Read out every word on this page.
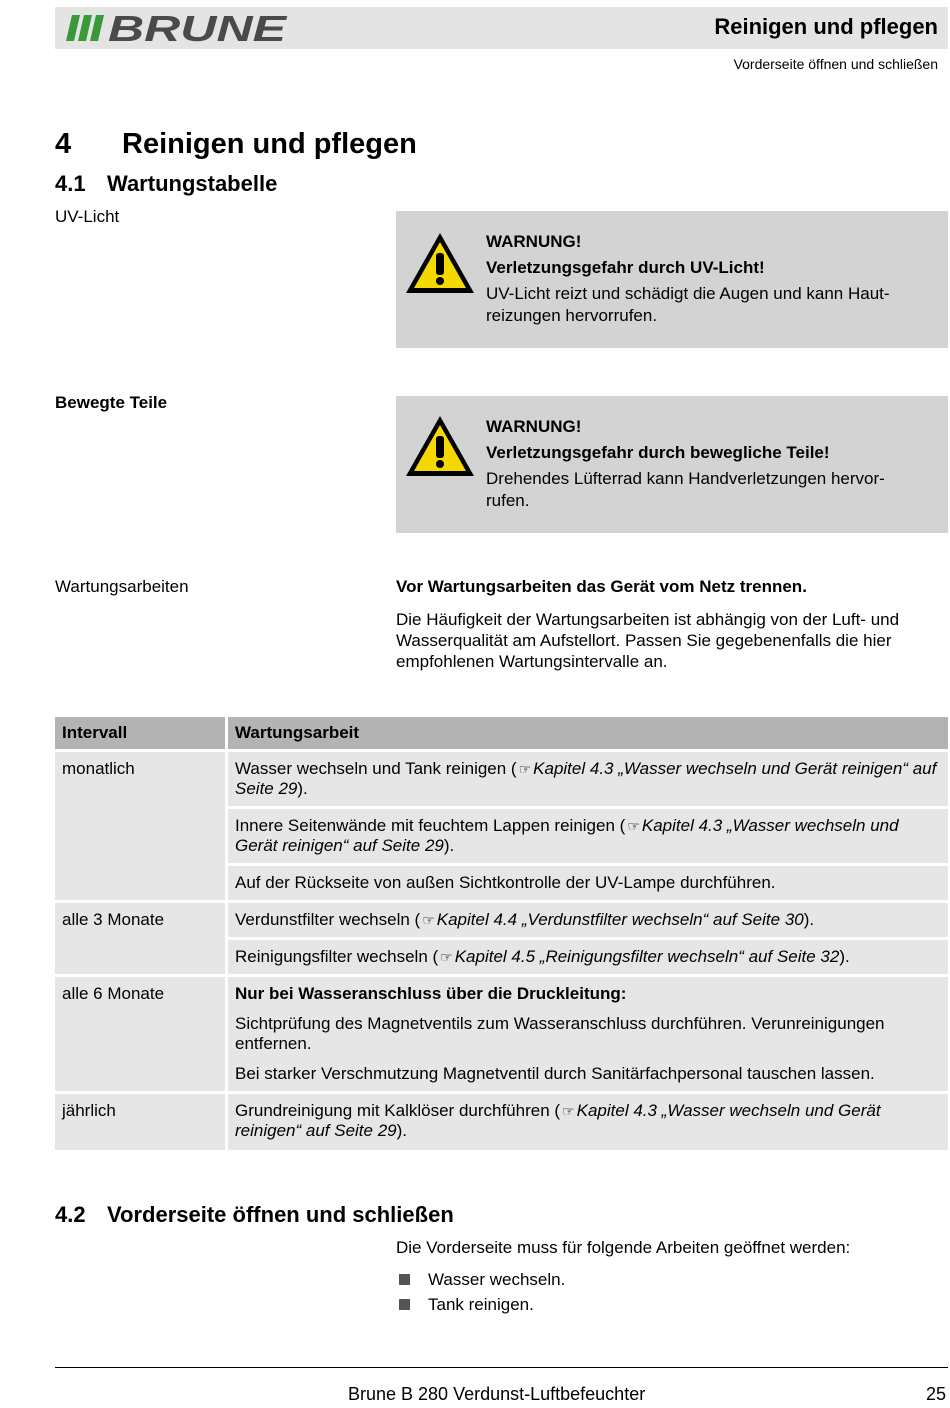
BRUNE	Reinigen und pflegen
Vorderseite öffnen und schließen
4 Reinigen und pflegen
4.1 Wartungstabelle
UV-Licht
WARNUNG!
Verletzungsgefahr durch UV-Licht!
UV-Licht reizt und schädigt die Augen und kann Haut-
reizungen hervorrufen.
Bewegte Teile
WARNUNG!
Verletzungsgefahr durch bewegliche Teile!
Drehendes Lüfterrad kann Handverletzungen hervor-
rufen.
Wartungsarbeiten	Vor Wartungsarbeiten das Gerät vom Netz trennen.
Die Häufigkeit der Wartungsarbeiten ist abhängig von der Luft- und Wasserqualität am Aufstellort. Passen Sie gegebenenfalls die hier empfohlenen Wartungsintervalle an.
Intervall	Wartungsarbeit
monatlich	Wasser wechseln und Tank reinigen ( ☞ Kapitel 4.3 „Wasser wechseln und Gerät reinigen“ auf Seite 29).
Innere Seitenwände mit feuchtem Lappen reinigen ( ☞ Kapitel 4.3 „Wasser wechseln und Gerät reinigen“ auf Seite 29).
Auf der Rückseite von außen Sichtkontrolle der UV-Lampe durchführen.
alle 3 Monate	Verdunstfilter wechseln ( ☞ Kapitel 4.4 „Verdunstfilter wechseln“ auf Seite 30).
Reinigungsfilter wechseln ( ☞ Kapitel 4.5 „Reinigungsfilter wechseln“ auf Seite 32).
alle 6 Monate	Nur bei Wasseranschluss über die Druckleitung:

Sichtprüfung des Magnetventils zum Wasseranschluss durchführen. Verunreinigungen entfernen.

Bei starker Verschmutzung Magnetventil durch Sanitärfachpersonal tauschen lassen.

jährlich	Grundreinigung mit Kalklöser durchführen ( ☞ Kapitel 4.3 „Wasser wechseln und Gerät reinigen“ auf Seite 29).
4.2 Vorderseite öffnen und schließen
Die Vorderseite muss für folgende Arbeiten geöffnet werden:
Wasser wechseln.
Tank reinigen.
Brune B 280 Verdunst-Luftbefeuchter	25
